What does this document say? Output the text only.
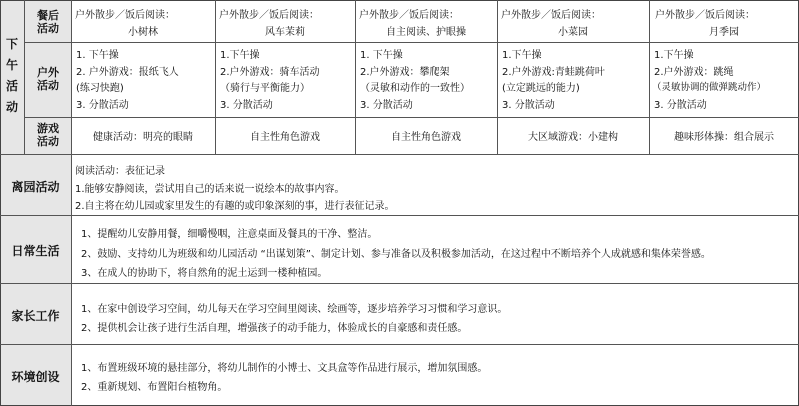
下午活动
餐后活动
户外活动
游戏活动
户外散步／饭后阅读：
小树林
1. 下午操
2. 户外游戏：报纸飞人
(练习快跑)
3. 分散活动
健康活动：明亮的眼睛
户外散步／饭后阅读：
风车茉莉
1.下午操
2.户外游戏：骑车活动
（骑行与平衡能力）
3. 分散活动
自主性角色游戏
户外散步／饭后阅读：
自主阅读、护眼操
1. 下午操
2.户外游戏：攀爬架
（灵敏和动作的一致性）
3. 分散活动
自主性角色游戏
户外散步／饭后阅读：
小菜园
1.下午操
2.户外游戏:青蛙跳荷叶
(立定跳远的能力)
3. 分散活动
大区域游戏：小建构
户外散步／饭后阅读：
月季园
1.下午操
2.户外游戏：跳绳
（灵敏协调的做弹跳动作）
3. 分散活动
趣味形体操：组合展示
离园活动
阅读活动：表征记录
1.能够安静阅读，尝试用自己的话来说一说绘本的故事内容。
2.自主将在幼儿园或家里发生的有趣的或印象深刻的事，进行表征记录。
日常生活
1、提醒幼儿安静用餐，细嚼慢咽，注意桌面及餐具的干净、整洁。
2、鼓励、支持幼儿为班级和幼儿园活动 “出谋划策”、制定计划、参与准备以及积极参加活动，在这过程中不断培养个人成就感和集体荣誉感。
3、在成人的协助下，将自然角的泥土运到一楼种植园。
家长工作	1、在家中创设学习空间，幼儿每天在学习空间里阅读、绘画等，逐步培养学习习惯和学习意识。
2、提供机会让孩子进行生活自理，增强孩子的动手能力，体验成长的自豪感和责任感。
环境创设
1、布置班级环境的悬挂部分，将幼儿制作的小博士、文具盒等作品进行展示，增加氛围感。
2、重新规划、布置阳台植物角。
